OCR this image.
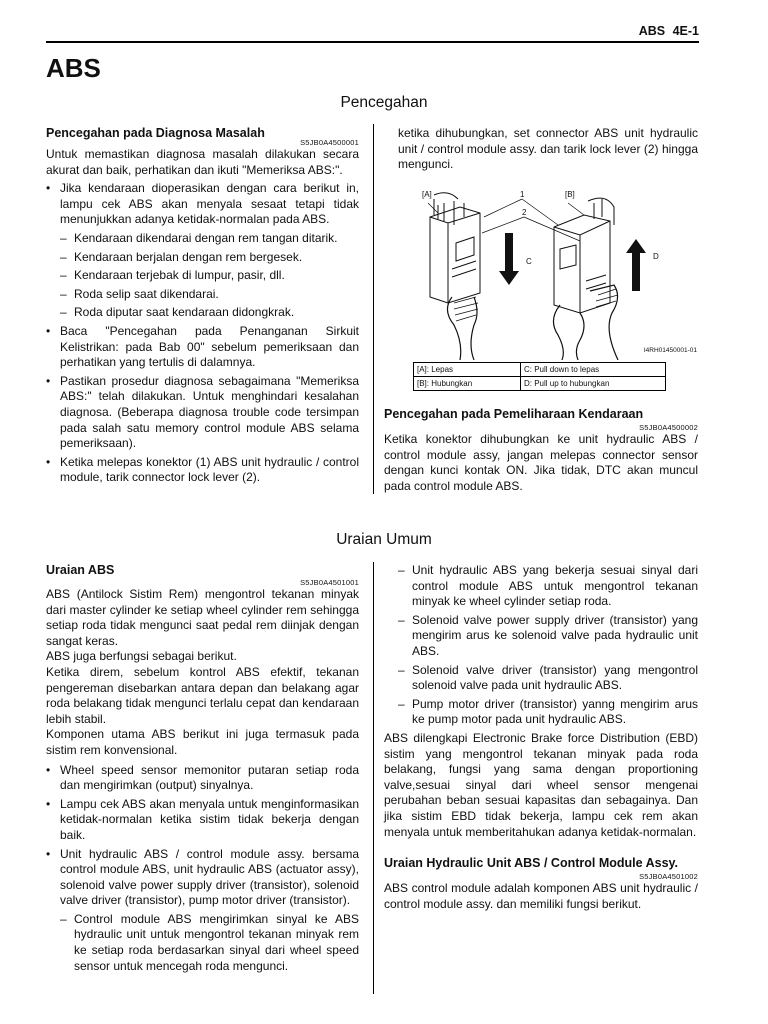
ABS 4E-1
ABS
Pencegahan

Pencegahan pada Diagnosa Masalah

S5JB0A4500001

Untuk memastikan diagnosa masalah dilakukan secara akurat dan baik, perhatikan dan ikuti "Memeriksa ABS:".

• Jika kendaraan dioperasikan dengan cara berikut in, lampu cek ABS akan menyala sesaat tetapi tidak menunjukkan adanya ketidak-normalan pada ABS.
– Kendaraan dikendarai dengan rem tangan ditarik.
– Kendaraan berjalan dengan rem bergesek.
– Kendaraan terjebak di lumpur, pasir, dll.
– Roda selip saat dikendarai.
– Roda diputar saat kendaraan didongkrak.
• Baca "Pencegahan pada Penanganan Sirkuit Kelistrikan: pada Bab 00" sebelum pemeriksaan dan perhatikan yang tertulis di dalamnya.
• Pastikan prosedur diagnosa sebagaimana "Memeriksa ABS:" telah dilakukan. Untuk menghindari kesalahan diagnosa. (Beberapa diagnosa trouble code tersimpan pada salah satu memory control module ABS selama pemeriksaan).
• Ketika melepas konektor (1) ABS unit hydraulic / control module, tarik connector lock lever (2).

ketika dihubungkan, set connector ABS unit hydraulic unit / control module assy. dan tarik lock lever (2) hingga mengunci.

[A]	[B]
1
2
C
D
I4RH01450001-01
[A]: Lepas	C: Pull down to lepas
[B]: Hubungkan	D: Pull up to hubungkan

Pencegahan pada Pemeliharaan Kendaraan

S5JB0A4500002

Ketika konektor dihubungkan ke unit hydraulic ABS / control module assy, jangan melepas connector sensor dengan kunci kontak ON. Jika tidak, DTC akan muncul pada control module ABS.

Uraian Umum

Uraian ABS

S5JB0A4501001

ABS (Antilock Sistim Rem) mengontrol tekanan minyak dari master cylinder ke setiap wheel cylinder rem sehingga setiap roda tidak mengunci saat pedal rem diinjak dengan sangat keras.

ABS juga berfungsi sebagai berikut.

Ketika direm, sebelum kontrol ABS efektif, tekanan pengereman disebarkan antara depan dan belakang agar roda belakang tidak mengunci terlalu cepat dan kendaraan lebih stabil.

Komponen utama ABS berikut ini juga termasuk pada sistim rem konvensional.

• Wheel speed sensor memonitor putaran setiap roda dan mengirimkan (output) sinyalnya.
• Lampu cek ABS akan menyala untuk menginformasikan ketidak-normalan ketika sistim tidak bekerja dengan baik.
• Unit hydraulic ABS / control module assy. bersama control module ABS, unit hydraulic ABS (actuator assy), solenoid valve power supply driver (transistor), solenoid valve driver (transistor), pump motor driver (transistor).
– Control module ABS mengirimkan sinyal ke ABS hydraulic unit untuk mengontrol tekanan minyak rem ke setiap roda berdasarkan sinyal dari wheel speed sensor untuk mencegah roda mengunci.
– Unit hydraulic ABS yang bekerja sesuai sinyal dari control module ABS untuk mengontrol tekanan minyak ke wheel cylinder setiap roda.
– Solenoid valve power supply driver (transistor) yang mengirim arus ke solenoid valve pada hydraulic unit ABS.
– Solenoid valve driver (transistor) yang mengontrol solenoid valve pada unit hydraulic ABS.
– Pump motor driver (transistor) yanng mengirim arus ke pump motor pada unit hydraulic ABS.

ABS dilengkapi Electronic Brake force Distribution (EBD) sistim yang mengontrol tekanan minyak pada roda belakang, fungsi yang sama dengan proportioning valve,sesuai sinyal dari wheel sensor mengenai perubahan beban sesuai kapasitas dan sebagainya. Dan jika sistim EBD tidak bekerja, lampu cek rem akan menyala untuk memberitahukan adanya ketidak-normalan.

Uraian Hydraulic Unit ABS / Control Module Assy.

S5JB0A4501002

ABS control module adalah komponen ABS unit hydraulic / control module assy. dan memiliki fungsi berikut.
